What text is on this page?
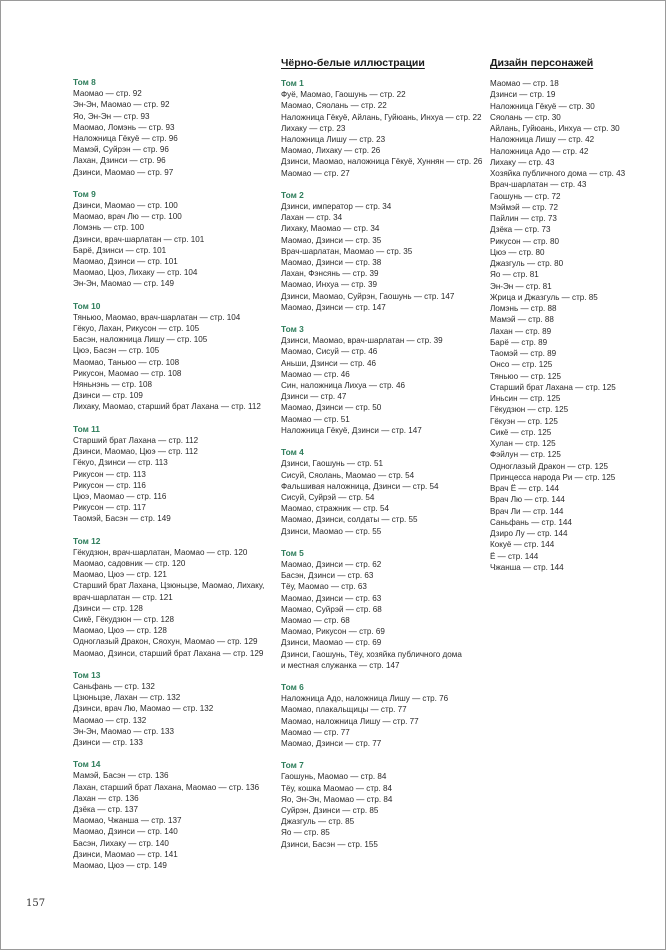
Том 8
Маомао — стр. 92
Эн-Эн, Маомао — стр. 92
Яо, Эн-Эн — стр. 93
Маомао, Ломэнь — стр. 93
Наложница Гёкуё — стр. 96
Мамэй, Суйрэн — стр. 96
Лахан, Дзинси — стр. 96
Дзинси, Маомао — стр. 97
Том 9
Дзинси, Маомао — стр. 100
Маомао, врач Лю — стр. 100
Ломэнь — стр. 100
Дзинси, врач-шарлатан — стр. 101
Барё, Дзинси — стр. 101
Маомао, Дзинси — стр. 101
Маомао, Цюэ, Лихаку — стр. 104
Эн-Эн, Маомао — стр. 149
Том 10
Тяньюо, Маомао, врач-шарлатан — стр. 104
Гёкуо, Лахан, Рикусон — стр. 105
Басэн, наложница Лишу — стр. 105
Цюэ, Басэн — стр. 105
Маомао, Таньюо — стр. 108
Рикусон, Маомао — стр. 108
Няньнэнь — стр. 108
Дзинси — стр. 109
Лихаку, Маомао, старший брат Лахана — стр. 112
Том 11
Старший брат Лахана — стр. 112
Дзинси, Маомао, Цюэ — стр. 112
Гёкуо, Дзинси — стр. 113
Рикусон — стр. 113
Рикусон — стр. 116
Цюэ, Маомао — стр. 116
Рикусон — стр. 117
Таомэй, Басэн — стр. 149
Том 12
Гёкудзюн, врач-шарлатан, Маомао — стр. 120
Маомао, садовник — стр. 120
Маомао, Цюэ — стр. 121
Старший брат Лахана, Цзюньцзе, Маомао, Лихаку,
врач-шарлатан — стр. 121
Дзинси — стр. 128
Сикё, Гёкудзюн — стр. 128
Маомао, Цюэ — стр. 128
Одноглазый Дракон, Сяохун, Маомао — стр. 129
Маомао, Дзинси, старший брат Лахана — стр. 129
Том 13
Саньфань — стр. 132
Цзюньцзе, Лахан — стр. 132
Дзинси, врач Лю, Маомао — стр. 132
Маомао — стр. 132
Эн-Эн, Маомао — стр. 133
Дзинси — стр. 133
Том 14
Мамэй, Басэн — стр. 136
Лахан, старший брат Лахана, Маомао — стр. 136
Лахан — стр. 136
Дзёка — стр. 137
Маомао, Чжанша — стр. 137
Маомао, Дзинси — стр. 140
Басэн, Лихаку — стр. 140
Дзинси, Маомао — стр. 141
Маомао, Цюэ — стр. 149
Чёрно-белые иллюстрации
Том 1
Фуё, Маомао, Гаошунь — стр. 22
Маомао, Сяолань — стр. 22
Наложница Гёкуё, Айлань, Гуйюань, Инхуа — стр. 22
Лихаку — стр. 23
Наложница Лишу — стр. 23
Маомао, Лихаку — стр. 26
Дзинси, Маомао, наложница Гёкуё, Хуннян — стр. 26
Маомао — стр. 27
Том 2
Дзинси, император — стр. 34
Лахан — стр. 34
Лихаку, Маомао — стр. 34
Маомао, Дзинси — стр. 35
Врач-шарлатан, Маомао — стр. 35
Маомао, Дзинси — стр. 38
Лахан, Фэнсянь — стр. 39
Маомао, Инхуа — стр. 39
Дзинси, Маомао, Суйрэн, Гаошунь — стр. 147
Маомао, Дзинси — стр. 147
Том 3
Дзинси, Маомао, врач-шарлатан — стр. 39
Маомао, Сисуй — стр. 46
Аньши, Дзинси — стр. 46
Маомао — стр. 46
Син, наложница Лихуа — стр. 46
Дзинси — стр. 47
Маомао, Дзинси — стр. 50
Маомао — стр. 51
Наложница Гёкуё, Дзинси — стр. 147
Том 4
Дзинси, Гаошунь — стр. 51
Сисуй, Сяолань, Маомао — стр. 54
Фальшивая наложница, Дзинси — стр. 54
Сисуй, Суйрэй — стр. 54
Маомао, стражник — стр. 54
Маомао, Дзинси, солдаты — стр. 55
Дзинси, Маомао — стр. 55
Том 5
Маомао, Дзинси — стр. 62
Басэн, Дзинси — стр. 63
Тёу, Маомао — стр. 63
Маомао, Дзинси — стр. 63
Маомао, Суйрэй — стр. 68
Маомао — стр. 68
Маомао, Рикусон — стр. 69
Дзинси, Маомао — стр. 69
Дзинси, Гаошунь, Тёу, хозяйка публичного дома
и местная служанка — стр. 147
Том 6
Наложница Адо, наложница Лишу — стр. 76
Маомао, плакальщицы — стр. 77
Маомао, наложница Лишу — стр. 77
Маомао — стр. 77
Маомао, Дзинси — стр. 77
Том 7
Гаошунь, Маомао — стр. 84
Тёу, кошка Маомао — стр. 84
Яо, Эн-Эн, Маомао — стр. 84
Суйрэн, Дзинси — стр. 85
Джазгуль — стр. 85
Яо — стр. 85
Дзинси, Басэн — стр. 155
Дизайн персонажей
Маомао — стр. 18
Дзинси — стр. 19
Наложница Гёкуё — стр. 30
Сяолань — стр. 30
Айлань, Гуйюань, Инхуа — стр. 30
Наложница Лишу — стр. 42
Наложница Адо — стр. 42
Лихаку — стр. 43
Хозяйка публичного дома — стр. 43
Врач-шарлатан — стр. 43
Гаошунь — стр. 72
Мэймэй — стр. 72
Пайлин — стр. 73
Дзёка — стр. 73
Рикусон — стр. 80
Цюэ — стр. 80
Джазгуль — стр. 80
Яо — стр. 81
Эн-Эн — стр. 81
Жрица и Джазгуль — стр. 85
Ломэнь — стр. 88
Мамэй — стр. 88
Лахан — стр. 89
Барё — стр. 89
Таомэй — стр. 89
Онсо — стр. 125
Тяньюо — стр. 125
Старший брат Лахана — стр. 125
Иньсин — стр. 125
Гёкудзюн — стр. 125
Гёкуэн — стр. 125
Сикё — стр. 125
Хулан — стр. 125
Фэйлун — стр. 125
Одноглазый Дракон — стр. 125
Принцесса народа Ри — стр. 125
Врач Ё — стр. 144
Врач Лю — стр. 144
Врач Ли — стр. 144
Саньфань — стр. 144
Дзиро Лу — стр. 144
Кокуё — стр. 144
Ё — стр. 144
Чжанша — стр. 144
157
